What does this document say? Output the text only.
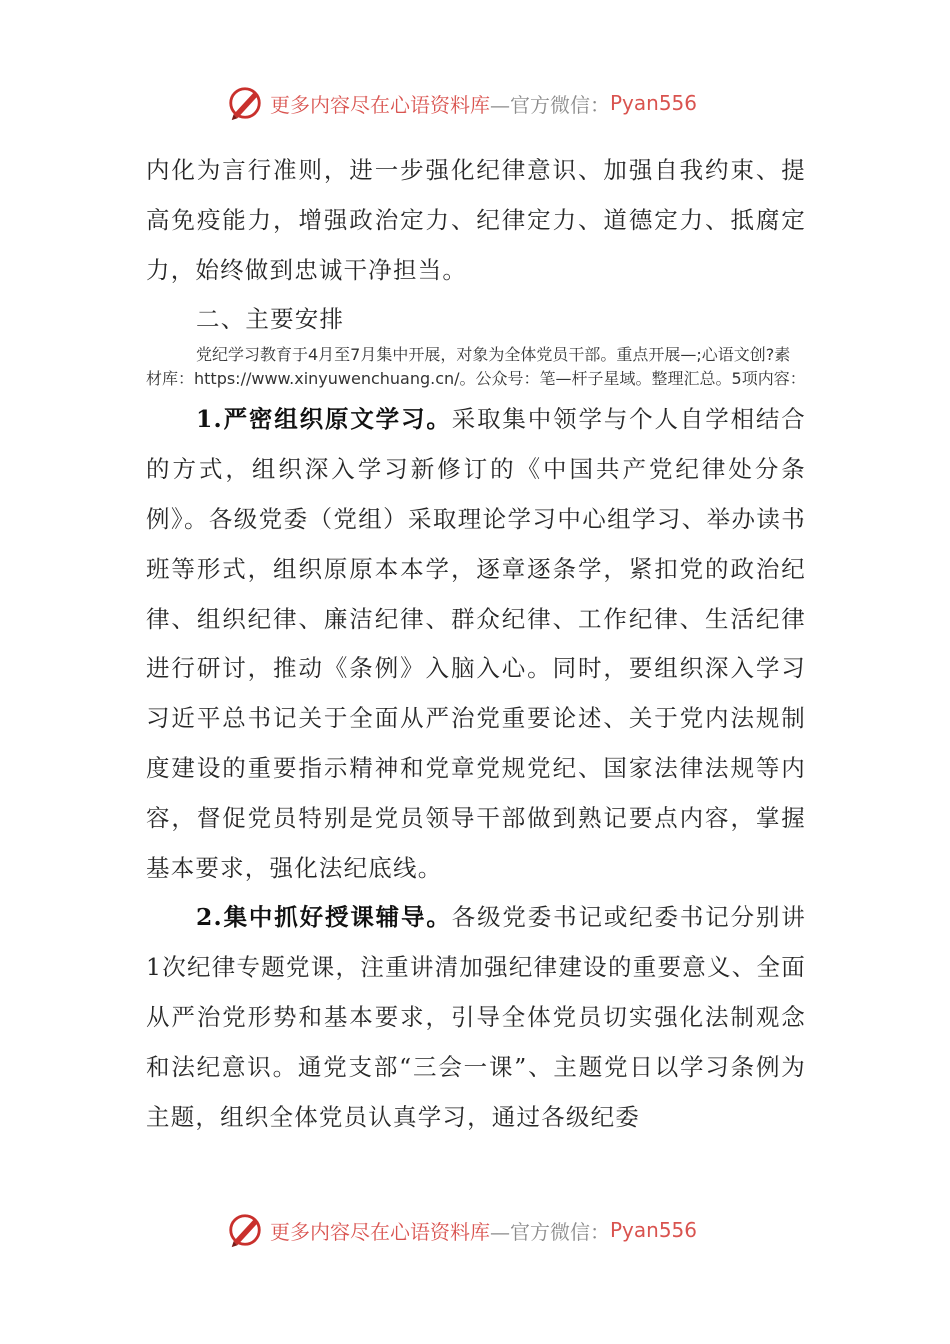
更多内容尽在心语资料库 —官方微信： Pyan556

内化为言行准则，进一步强化纪律意识、加强自我约束、提高免疫能力，增强政治定力、纪律定力、道德定力、抵腐定力，始终做到忠诚干净担当。

二、主要安排

党纪学习教育于4月至7月集中开展，对象为全体党员干部。重点开展—;心语文创?素材库：https://www.xinyuwenchuang.cn/。公众号：笔—杆子星域。整理汇总。5项内容：

1.严密组织原文学习。采取集中领学与个人自学相结合的方式，组织深入学习新修订的《中国共产党纪律处分条例》。各级党委（党组）采取理论学习中心组学习、举办读书班等形式，组织原原本本学，逐章逐条学，紧扣党的政治纪律、组织纪律、廉洁纪律、群众纪律、工作纪律、生活纪律进行研讨，推动《条例》入脑入心。同时，要组织深入学习习近平总书记关于全面从严治党重要论述、关于党内法规制度建设的重要指示精神和党章党规党纪、国家法律法规等内容，督促党员特别是党员领导干部做到熟记要点内容，掌握基本要求，强化法纪底线。

2.集中抓好授课辅导。各级党委书记或纪委书记分别讲1次纪律专题党课，注重讲清加强纪律建设的重要意义、全面从严治党形势和基本要求，引导全体党员切实强化法制观念和法纪意识。通党支部“三会一课”、主题党日以学习条例为主题，组织全体党员认真学习，通过各级纪委

更多内容尽在心语资料库 —官方微信： Pyan556
